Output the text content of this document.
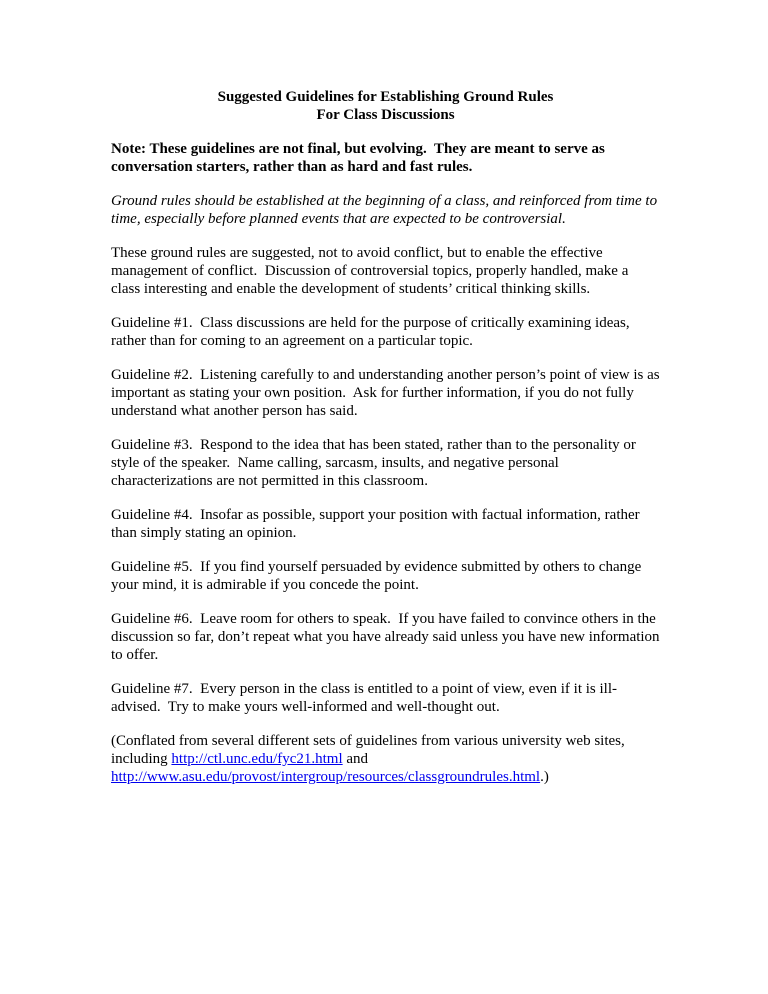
Suggested Guidelines for Establishing Ground Rules
For Class Discussions

Note: These guidelines are not final, but evolving.  They are meant to serve as conversation starters, rather than as hard and fast rules.

Ground rules should be established at the beginning of a class, and reinforced from time to time, especially before planned events that are expected to be controversial.

These ground rules are suggested, not to avoid conflict, but to enable the effective management of conflict.  Discussion of controversial topics, properly handled, make a class interesting and enable the development of students’ critical thinking skills.

Guideline #1.  Class discussions are held for the purpose of critically examining ideas, rather than for coming to an agreement on a particular topic.

Guideline #2.  Listening carefully to and understanding another person’s point of view is as important as stating your own position.  Ask for further information, if you do not fully understand what another person has said.

Guideline #3.  Respond to the idea that has been stated, rather than to the personality or style of the speaker.  Name calling, sarcasm, insults, and negative personal characterizations are not permitted in this classroom.

Guideline #4.  Insofar as possible, support your position with factual information, rather than simply stating an opinion.

Guideline #5.  If you find yourself persuaded by evidence submitted by others to change your mind, it is admirable if you concede the point.

Guideline #6.  Leave room for others to speak.  If you have failed to convince others in the discussion so far, don’t repeat what you have already said unless you have new information to offer.

Guideline #7.  Every person in the class is entitled to a point of view, even if it is ill-advised.  Try to make yours well-informed and well-thought out.

(Conflated from several different sets of guidelines from various university web sites, including http://ctl.unc.edu/fyc21.html and http://www.asu.edu/provost/intergroup/resources/classgroundrules.html.)
